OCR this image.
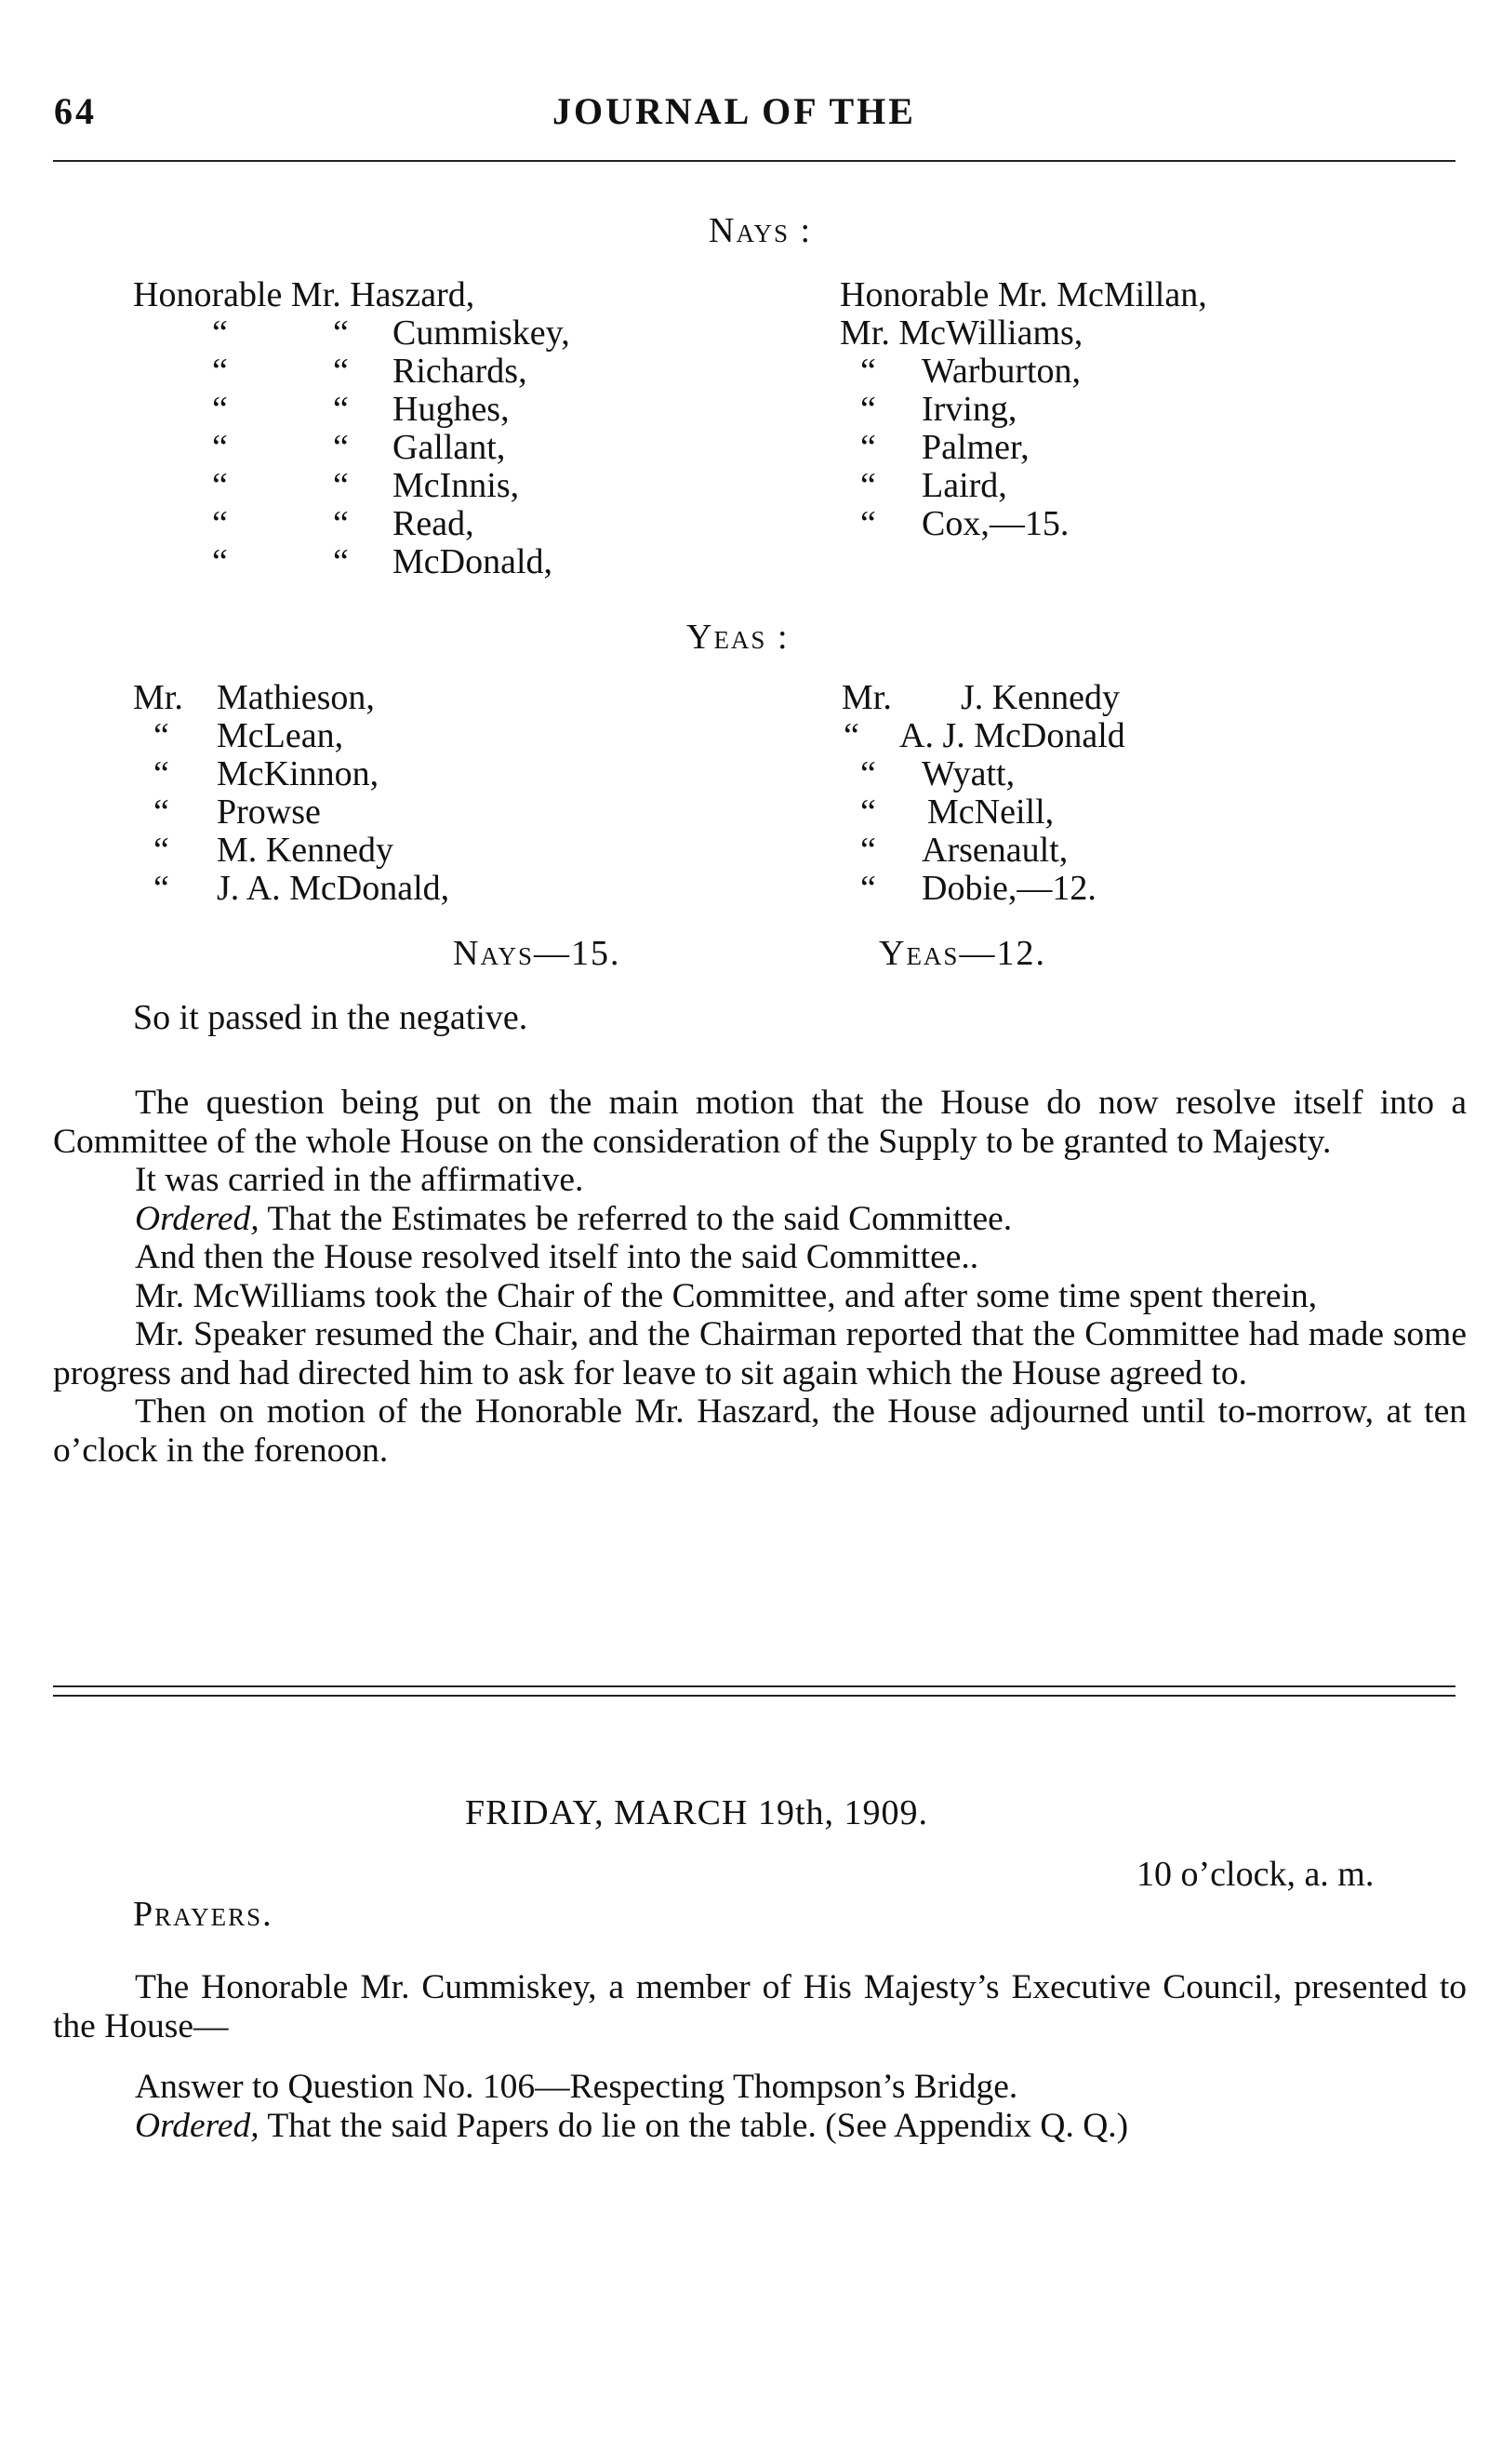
64	JOURNAL OF THE
Nays :
Honorable Mr. Haszard,
“	“ Cummiskey,
“	“ Richards,
“	“ Hughes,
“	“ Gallant,
“	“ McInnis,
“	“ Read,
“	“ McDonald,
Honorable Mr. McMillan,
Mr. McWilliams,
“ Warburton,
“ Irving,
“ Palmer,
“ Laird,
“ Cox,—15.
Yeas :
Mr. Mathieson,
“ McLean,
“ McKinnon,
“ Prowse
“ M. Kennedy
“ J. A. McDonald,
Mr. J. Kennedy
“ A. J. McDonald
“ Wyatt,
“ McNeill,
“ Arsenault,
“ Dobie,—12.
Nays—15.	Yeas—12.
So it passed in the negative.

The question being put on the main motion that the House do now resolve itself into a Committee of the whole House on the consideration of the Supply to be granted to Majesty.

It was carried in the affirmative.

Ordered, That the Estimates be referred to the said Committee.

And then the House resolved itself into the said Committee..

Mr. McWilliams took the Chair of the Committee, and after some time spent therein,

Mr. Speaker resumed the Chair, and the Chairman reported that the Committee had made some progress and had directed him to ask for leave to sit again which the House agreed to.

Then on motion of the Honorable Mr. Haszard, the House adjourned until to-morrow, at ten o’clock in the forenoon.

FRIDAY, MARCH 19th, 1909.
10 o’clock, a. m.
Prayers.

The Honorable Mr. Cummiskey, a member of His Majesty’s Executive Council, presented to the House—

Answer to Question No. 106—Respecting Thompson’s Bridge.

Ordered, That the said Papers do lie on the table. (See Appendix Q. Q.)
